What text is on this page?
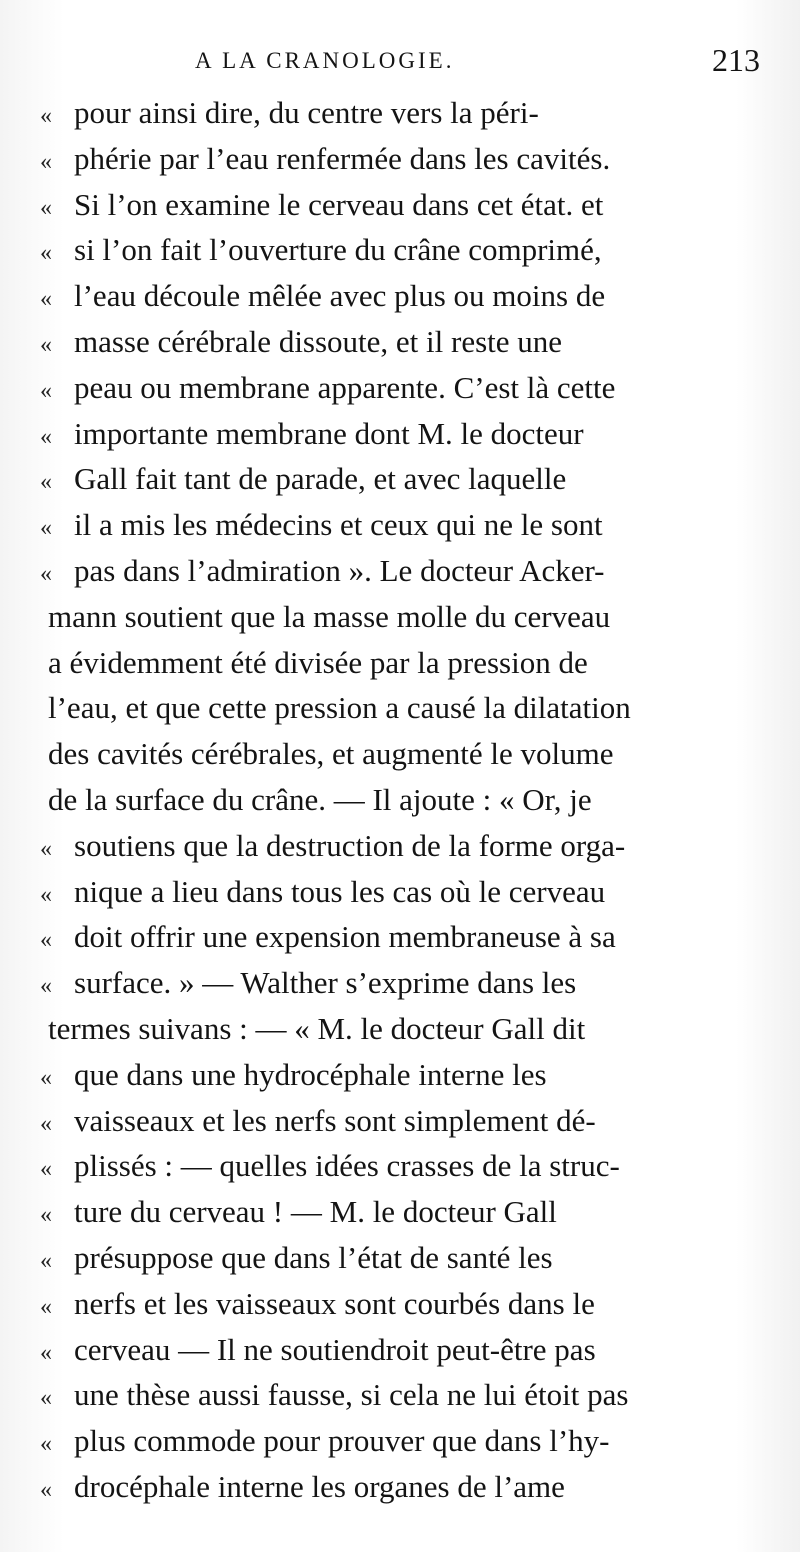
A LA CRANOLOGIE.	213
« pour ainsi dire, du centre vers la péri-
« phérie par l’eau renfermée dans les cavités.
« Si l’on examine le cerveau dans cet état. et
« si l’on fait l’ouverture du crâne comprimé,
« l’eau découle mêlée avec plus ou moins de
« masse cérébrale dissoute, et il reste une
« peau ou membrane apparente. C’est là cette
« importante membrane dont M. le docteur
« Gall fait tant de parade, et avec laquelle
« il a mis les médecins et ceux qui ne le sont
« pas dans l’admiration ». Le docteur Acker-
mann soutient que la masse molle du cerveau
a évidemment été divisée par la pression de
l’eau, et que cette pression a causé la dilatation
des cavités cérébrales, et augmenté le volume
de la surface du crâne. — Il ajoute : « Or, je
« soutiens que la destruction de la forme orga-
« nique a lieu dans tous les cas où le cerveau
« doit offrir une expension membraneuse à sa
« surface. » — Walther s’exprime dans les
termes suivans : — « M. le docteur Gall dit
« que dans une hydrocéphale interne les
« vaisseaux et les nerfs sont simplement dé-
« plissés : — quelles idées crasses de la struc-
« ture du cerveau ! — M. le docteur Gall
« présuppose que dans l’état de santé les
« nerfs et les vaisseaux sont courbés dans le
« cerveau — Il ne soutiendroit peut-être pas
« une thèse aussi fausse, si cela ne lui étoit pas
« plus commode pour prouver que dans l’hy-
« drocéphale interne les organes de l’ame
